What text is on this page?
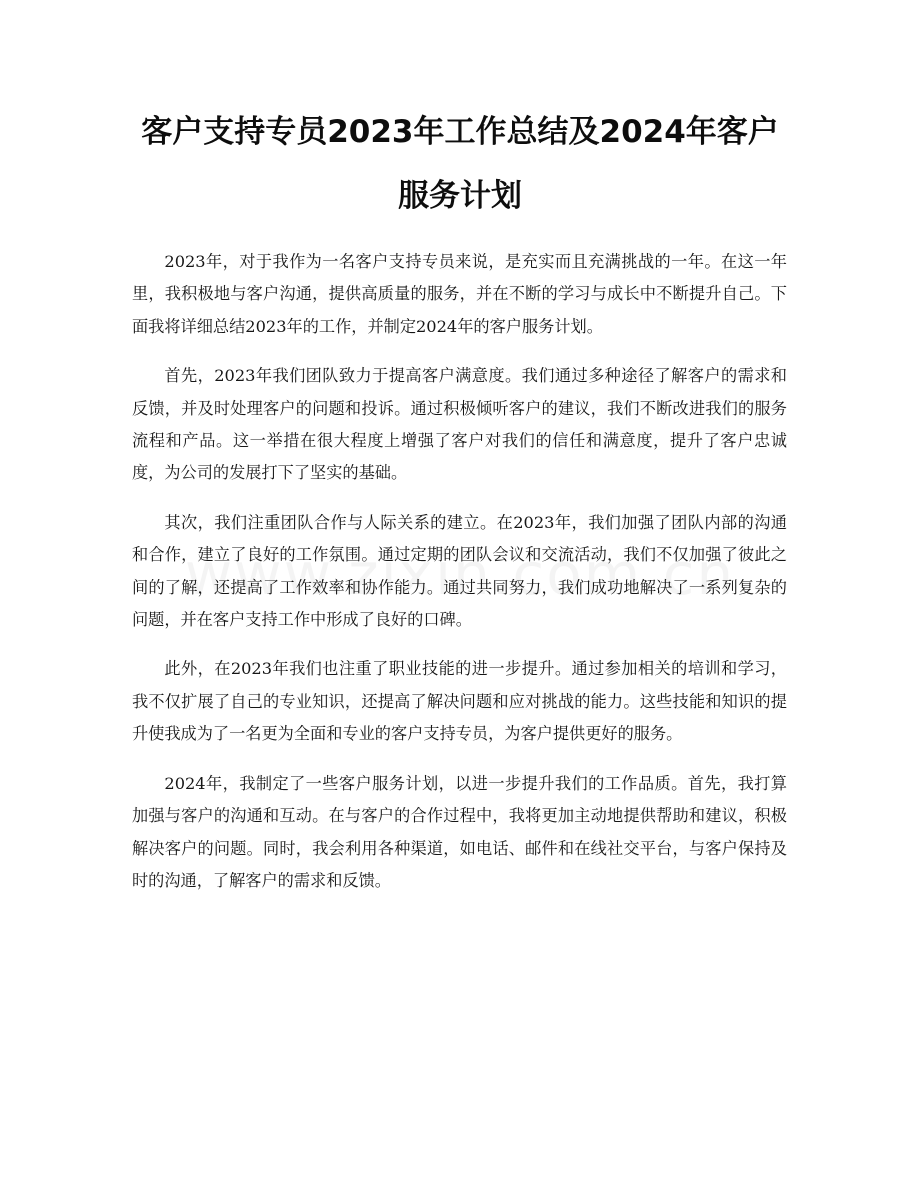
客户支持专员2023年工作总结及2024年客户服务计划

2023年，对于我作为一名客户支持专员来说，是充实而且充满挑战的一年。在这一年里，我积极地与客户沟通，提供高质量的服务，并在不断的学习与成长中不断提升自己。下面我将详细总结2023年的工作，并制定2024年的客户服务计划。

首先，2023年我们团队致力于提高客户满意度。我们通过多种途径了解客户的需求和反馈，并及时处理客户的问题和投诉。通过积极倾听客户的建议，我们不断改进我们的服务流程和产品。这一举措在很大程度上增强了客户对我们的信任和满意度，提升了客户忠诚度，为公司的发展打下了坚实的基础。

其次，我们注重团队合作与人际关系的建立。在2023年，我们加强了团队内部的沟通和合作，建立了良好的工作氛围。通过定期的团队会议和交流活动，我们不仅加强了彼此之间的了解，还提高了工作效率和协作能力。通过共同努力，我们成功地解决了一系列复杂的问题，并在客户支持工作中形成了良好的口碑。

此外，在2023年我们也注重了职业技能的进一步提升。通过参加相关的培训和学习，我不仅扩展了自己的专业知识，还提高了解决问题和应对挑战的能力。这些技能和知识的提升使我成为了一名更为全面和专业的客户支持专员，为客户提供更好的服务。

2024年，我制定了一些客户服务计划，以进一步提升我们的工作品质。首先，我打算加强与客户的沟通和互动。在与客户的合作过程中，我将更加主动地提供帮助和建议，积极解决客户的问题。同时，我会利用各种渠道，如电话、邮件和在线社交平台，与客户保持及时的沟通，了解客户的需求和反馈。
